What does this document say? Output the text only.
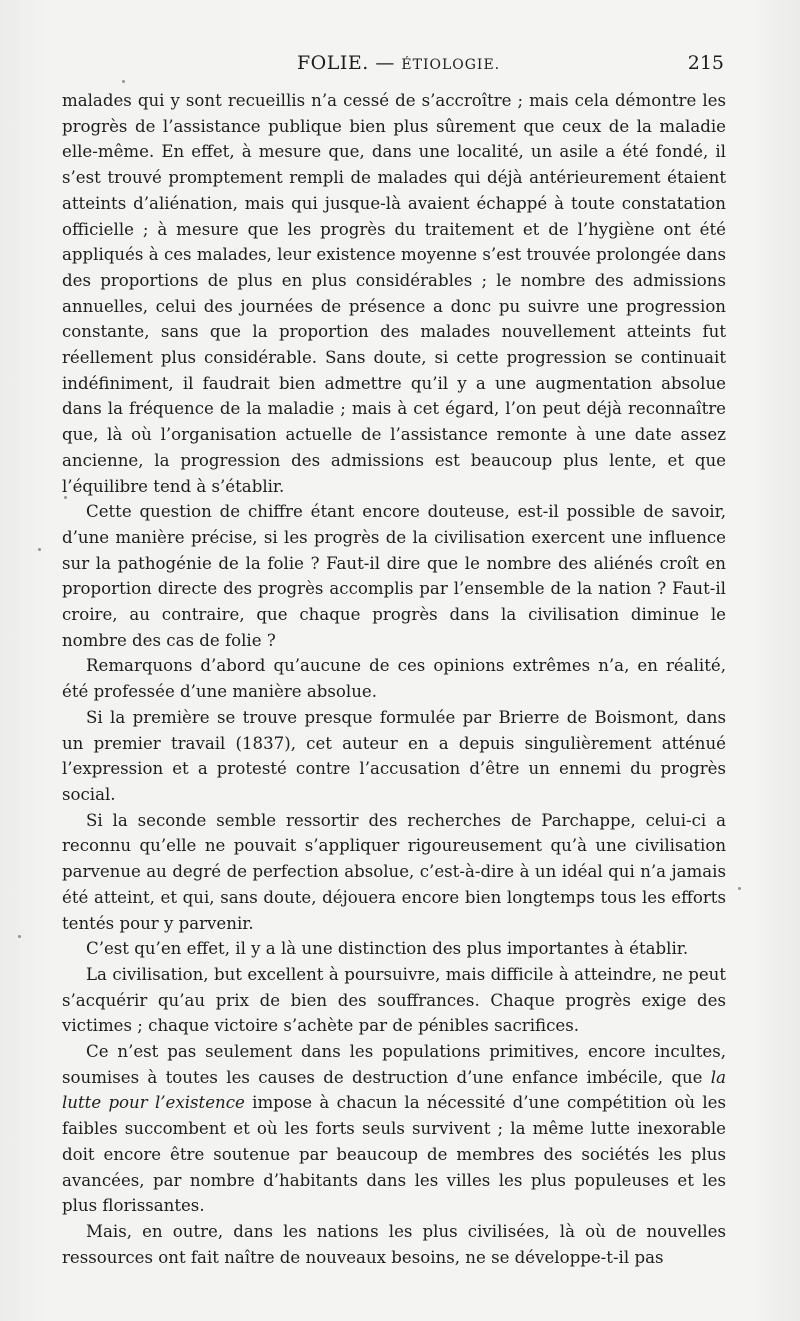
FOLIE. — ÉTIOLOGIE.	215

malades qui y sont recueillis n’a cessé de s’accroître ; mais cela démontre les progrès de l’assistance publique bien plus sûrement que ceux de la maladie elle-même. En effet, à mesure que, dans une localité, un asile a été fondé, il s’est trouvé promptement rempli de malades qui déjà antérieurement étaient atteints d’aliénation, mais qui jusque-là avaient échappé à toute constatation officielle ; à mesure que les progrès du traitement et de l’hygiène ont été appliqués à ces malades, leur existence moyenne s’est trouvée prolongée dans des proportions de plus en plus considérables ; le nombre des admissions annuelles, celui des journées de présence a donc pu suivre une progression constante, sans que la proportion des malades nouvellement atteints fut réellement plus considérable. Sans doute, si cette progression se continuait indéfiniment, il faudrait bien admettre qu’il y a une augmentation absolue dans la fréquence de la maladie ; mais à cet égard, l’on peut déjà reconnaître que, là où l’organisation actuelle de l’assistance remonte à une date assez ancienne, la progression des admissions est beaucoup plus lente, et que l’équilibre tend à s’établir.

Cette question de chiffre étant encore douteuse, est-il possible de savoir, d’une manière précise, si les progrès de la civilisation exercent une influence sur la pathogénie de la folie ? Faut-il dire que le nombre des aliénés croît en proportion directe des progrès accomplis par l’ensemble de la nation ? Faut-il croire, au contraire, que chaque progrès dans la civilisation diminue le nombre des cas de folie ?

Remarquons d’abord qu’aucune de ces opinions extrêmes n’a, en réalité, été professée d’une manière absolue.

Si la première se trouve presque formulée par Brierre de Boismont, dans un premier travail (1837), cet auteur en a depuis singulièrement atténué l’expression et a protesté contre l’accusation d’être un ennemi du progrès social.

Si la seconde semble ressortir des recherches de Parchappe, celui-ci a reconnu qu’elle ne pouvait s’appliquer rigoureusement qu’à une civilisation parvenue au degré de perfection absolue, c’est-à-dire à un idéal qui n’a jamais été atteint, et qui, sans doute, déjouera encore bien longtemps tous les efforts tentés pour y parvenir.

C’est qu’en effet, il y a là une distinction des plus importantes à établir.

La civilisation, but excellent à poursuivre, mais difficile à atteindre, ne peut s’acquérir qu’au prix de bien des souffrances. Chaque progrès exige des victimes ; chaque victoire s’achète par de pénibles sacrifices.

Ce n’est pas seulement dans les populations primitives, encore incultes, soumises à toutes les causes de destruction d’une enfance imbécile, que la lutte pour l’existence impose à chacun la nécessité d’une compétition où les faibles succombent et où les forts seuls survivent ; la même lutte inexorable doit encore être soutenue par beaucoup de membres des sociétés les plus avancées, par nombre d’habitants dans les villes les plus populeuses et les plus florissantes.

Mais, en outre, dans les nations les plus civilisées, là où de nouvelles ressources ont fait naître de nouveaux besoins, ne se développe-t-il pas
